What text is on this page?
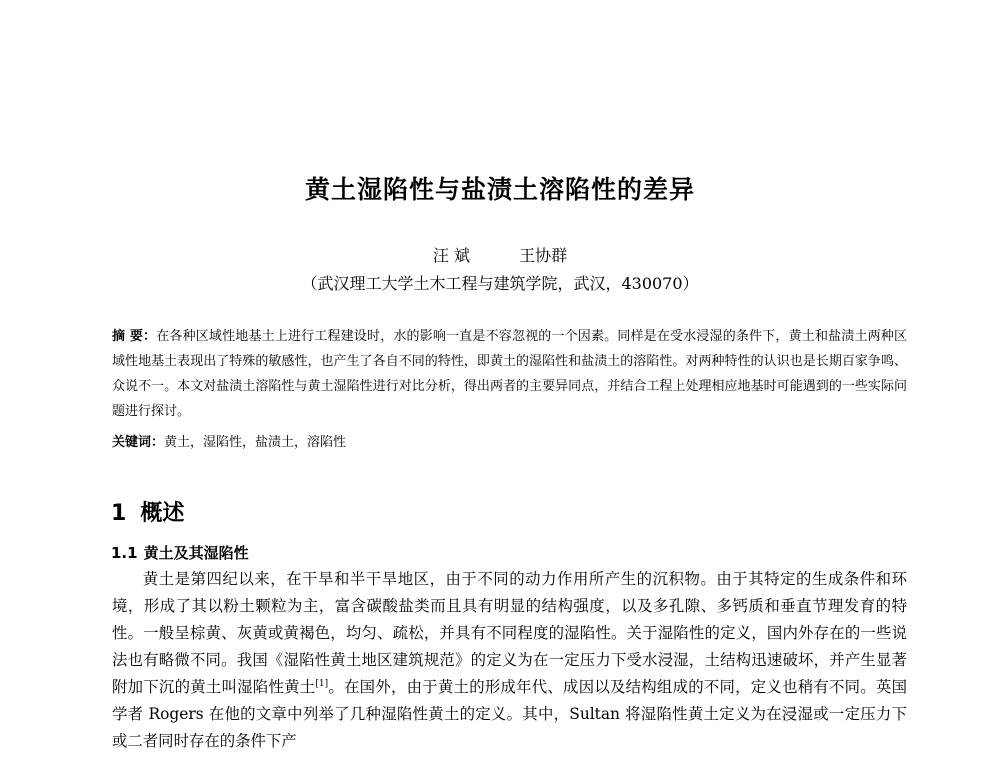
黄土湿陷性与盐渍土溶陷性的差异
汪 斌	王协群
（武汉理工大学土木工程与建筑学院，武汉，430070）
摘 要：在各种区域性地基土上进行工程建设时，水的影响一直是不容忽视的一个因素。同样是在受水浸湿的条件下，黄土和盐渍土两种区域性地基土表现出了特殊的敏感性，也产生了各自不同的特性，即黄土的湿陷性和盐渍土的溶陷性。对两种特性的认识也是长期百家争鸣、众说不一。本文对盐渍土溶陷性与黄土湿陷性进行对比分析，得出两者的主要异同点，并结合工程上处理相应地基时可能遇到的一些实际问题进行探讨。
关键词：黄土，湿陷性，盐渍土，溶陷性
1 概述
1.1 黄土及其湿陷性
黄土是第四纪以来，在干旱和半干旱地区，由于不同的动力作用所产生的沉积物。由于其特定的生成条件和环境，形成了其以粉土颗粒为主，富含碳酸盐类而且具有明显的结构强度，以及多孔隙、多钙质和垂直节理发育的特性。一般呈棕黄、灰黄或黄褐色，均匀、疏松，并具有不同程度的湿陷性。关于湿陷性的定义，国内外存在的一些说法也有略微不同。我国《湿陷性黄土地区建筑规范》的定义为在一定压力下受水浸湿，土结构迅速破坏，并产生显著附加下沉的黄土叫湿陷性黄土[1]。在国外，由于黄土的形成年代、成因以及结构组成的不同，定义也稍有不同。英国学者 Rogers 在他的文章中列举了几种湿陷性黄土的定义。其中，Sultan 将湿陷性黄土定义为在浸湿或一定压力下或二者同时存在的条件下产
